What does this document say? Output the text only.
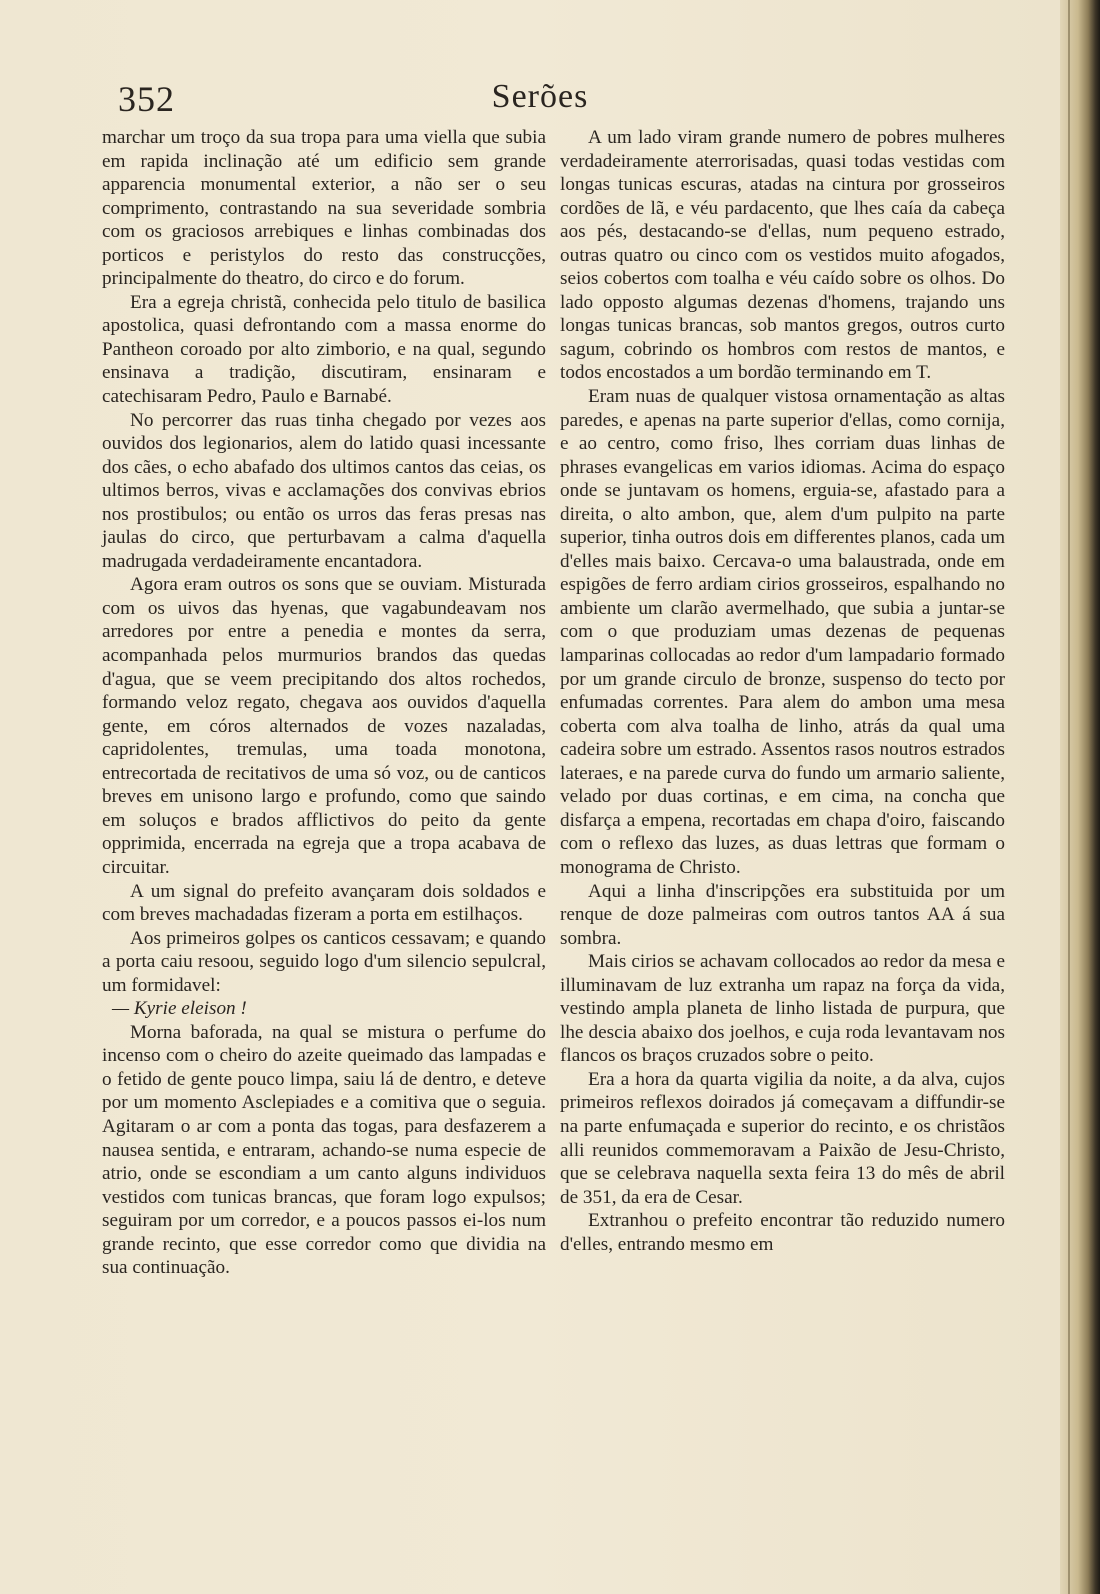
352	Serões

marchar um troço da sua tropa para uma viella que subia em rapida inclinação até um edificio sem grande apparencia monumental exterior, a não ser o seu comprimento, contrastando na sua severidade sombria com os graciosos arrebiques e linhas combinadas dos porticos e peristylos do resto das construcções, principalmente do theatro, do circo e do forum.

Era a egreja christã, conhecida pelo titulo de basilica apostolica, quasi defrontando com a massa enorme do Pantheon coroado por alto zimborio, e na qual, segundo ensinava a tradição, discutiram, ensinaram e catechisaram Pedro, Paulo e Barnabé.

No percorrer das ruas tinha chegado por vezes aos ouvidos dos legionarios, alem do latido quasi incessante dos cães, o echo abafado dos ultimos cantos das ceias, os ultimos berros, vivas e acclamações dos convivas ebrios nos prostibulos; ou então os urros das feras presas nas jaulas do circo, que perturbavam a calma d'aquella madrugada verdadeiramente encantadora.

Agora eram outros os sons que se ouviam. Misturada com os uivos das hyenas, que vagabundeavam nos arredores por entre a penedia e montes da serra, acompanhada pelos murmurios brandos das quedas d'agua, que se veem precipitando dos altos rochedos, formando veloz regato, chegava aos ouvidos d'aquella gente, em córos alternados de vozes nazaladas, capridolentes, tremulas, uma toada monotona, entrecortada de recitativos de uma só voz, ou de canticos breves em unisono largo e profundo, como que saindo em soluços e brados afflictivos do peito da gente opprimida, encerrada na egreja que a tropa acabava de circuitar.

A um signal do prefeito avançaram dois soldados e com breves machadadas fizeram a porta em estilhaços.

Aos primeiros golpes os canticos cessavam; e quando a porta caiu resoou, seguido logo d'um silencio sepulcral, um formidavel:

— Kyrie eleison !

Morna baforada, na qual se mistura o perfume do incenso com o cheiro do azeite queimado das lampadas e o fetido de gente pouco limpa, saiu lá de dentro, e deteve por um momento Asclepiades e a comitiva que o seguia. Agitaram o ar com a ponta das togas, para desfazerem a nausea sentida, e entraram, achando-se numa especie de atrio, onde se escondiam a um canto alguns individuos vestidos com tunicas brancas, que foram logo expulsos; seguiram por um corredor, e a poucos passos ei-los num grande recinto, que esse corredor como que dividia na sua continuação.

A um lado viram grande numero de pobres mulheres verdadeiramente aterrorisadas, quasi todas vestidas com longas tunicas escuras, atadas na cintura por grosseiros cordões de lã, e véu pardacento, que lhes caía da cabeça aos pés, destacando-se d'ellas, num pequeno estrado, outras quatro ou cinco com os vestidos muito afogados, seios cobertos com toalha e véu caído sobre os olhos. Do lado opposto algumas dezenas d'homens, trajando uns longas tunicas brancas, sob mantos gregos, outros curto sagum, cobrindo os hombros com restos de mantos, e todos encostados a um bordão terminando em T.

Eram nuas de qualquer vistosa ornamentação as altas paredes, e apenas na parte superior d'ellas, como cornija, e ao centro, como friso, lhes corriam duas linhas de phrases evangelicas em varios idiomas. Acima do espaço onde se juntavam os homens, erguia-se, afastado para a direita, o alto ambon, que, alem d'um pulpito na parte superior, tinha outros dois em differentes planos, cada um d'elles mais baixo. Cercava-o uma balaustrada, onde em espigões de ferro ardiam cirios grosseiros, espalhando no ambiente um clarão avermelhado, que subia a juntar-se com o que produziam umas dezenas de pequenas lamparinas collocadas ao redor d'um lampadario formado por um grande circulo de bronze, suspenso do tecto por enfumadas correntes. Para alem do ambon uma mesa coberta com alva toalha de linho, atrás da qual uma cadeira sobre um estrado. Assentos rasos noutros estrados lateraes, e na parede curva do fundo um armario saliente, velado por duas cortinas, e em cima, na concha que disfarça a empena, recortadas em chapa d'oiro, faiscando com o reflexo das luzes, as duas lettras que formam o monograma de Christo.

Aqui a linha d'inscripções era substituida por um renque de doze palmeiras com outros tantos AA á sua sombra.

Mais cirios se achavam collocados ao redor da mesa e illuminavam de luz extranha um rapaz na força da vida, vestindo ampla planeta de linho listada de purpura, que lhe descia abaixo dos joelhos, e cuja roda levantavam nos flancos os braços cruzados sobre o peito.

Era a hora da quarta vigilia da noite, a da alva, cujos primeiros reflexos doirados já começavam a diffundir-se na parte enfumaçada e superior do recinto, e os christãos alli reunidos commemoravam a Paixão de Jesu-Christo, que se celebrava naquella sexta feira 13 do mês de abril de 351, da era de Cesar.

Extranhou o prefeito encontrar tão reduzido numero d'elles, entrando mesmo em
